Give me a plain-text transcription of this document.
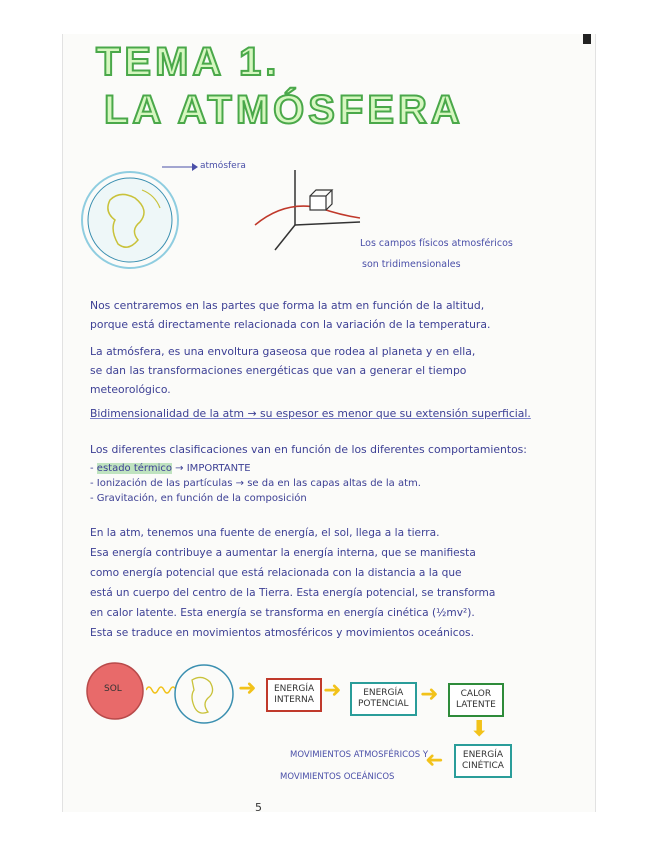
TEMA 1.
LA ATMÓSFERA
atmósfera
Los campos físicos atmosféricos
son tridimensionales
Nos centraremos en las partes que forma la atm en función de la altitud,
porque está directamente relacionada con la variación de la temperatura.
La atmósfera, es una envoltura gaseosa que rodea al planeta y en ella,
se dan las transformaciones energéticas que van a generar el tiempo
meteorológico.
Bidimensionalidad de la atm → su espesor es menor que su extensión superficial.
Los diferentes clasificaciones van en función de los diferentes comportamientos:
- estado térmico → IMPORTANTE
- Ionización de las partículas → se da en las capas altas de la atm.
- Gravitación, en función de la composición
En la atm, tenemos una fuente de energía, el sol, llega a la tierra.
Esa energía contribuye a aumentar la energía interna, que se manifiesta
como energía potencial que está relacionada con la distancia a la que
está un cuerpo del centro de la Tierra. Esta energía potencial, se transforma
en calor latente. Esta energía se transforma en energía cinética (½mv²).
Esta se traduce en movimientos atmosféricos y movimientos oceánicos.
SOL	➜ ENERGÍA
INTERNA ➜	ENERGÍA
POTENCIAL ➜	CALOR
LATENTE
⬇
ENERGÍA
CINÉTICA
➜
MOVIMIENTOS ATMOSFÉRICOS Y
MOVIMIENTOS OCEÁNICOS
5
